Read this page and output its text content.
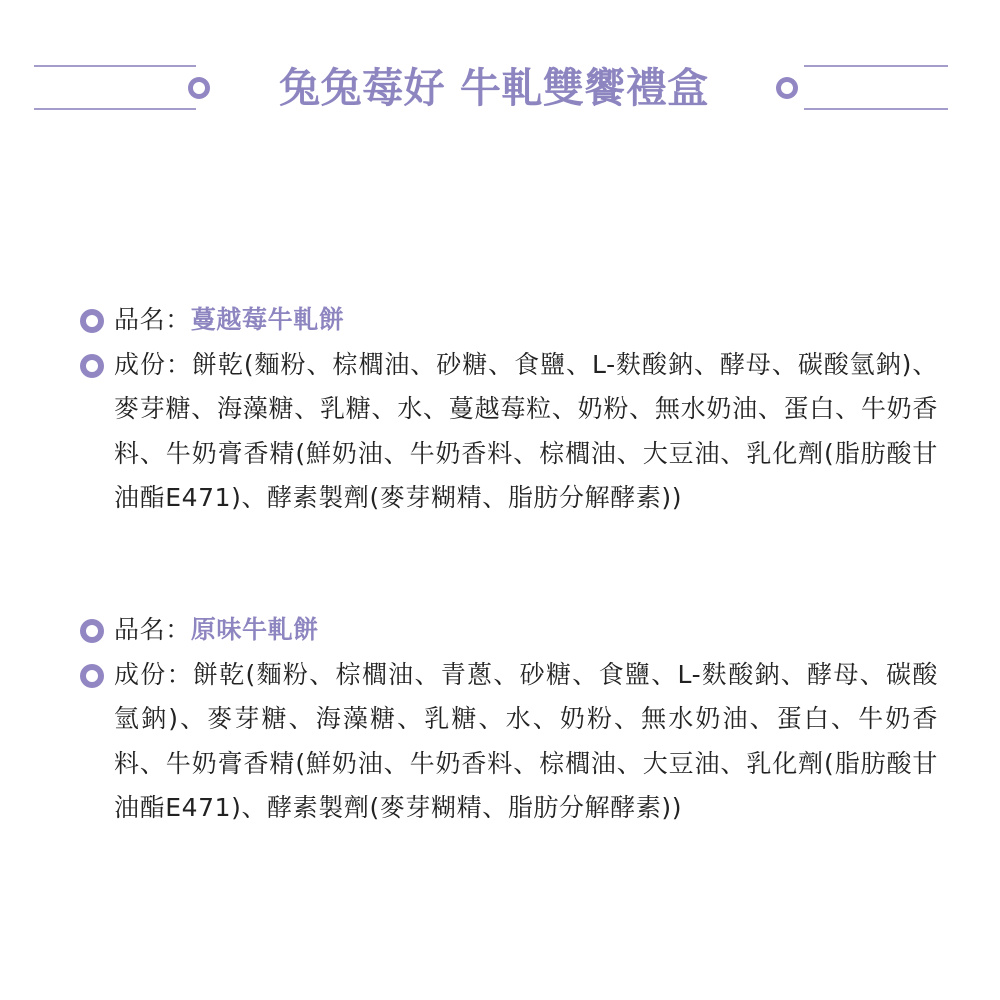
兔兔莓好 牛軋雙饗禮盒
品名：蔓越莓牛軋餅
成份：餅乾(麵粉、棕櫚油、砂糖、食鹽、L-麩酸鈉、酵母、碳酸氫鈉)、麥芽糖、海藻糖、乳糖、水、蔓越莓粒、奶粉、無水奶油、蛋白、牛奶香料、牛奶膏香精(鮮奶油、牛奶香料、棕櫚油、大豆油、乳化劑(脂肪酸甘油酯E471)、酵素製劑(麥芽糊精、脂肪分解酵素))
品名：原味牛軋餅
成份：餅乾(麵粉、棕櫚油、青蔥、砂糖、食鹽、L-麩酸鈉、酵母、碳酸氫鈉)、麥芽糖、海藻糖、乳糖、水、奶粉、無水奶油、蛋白、牛奶香料、牛奶膏香精(鮮奶油、牛奶香料、棕櫚油、大豆油、乳化劑(脂肪酸甘油酯E471)、酵素製劑(麥芽糊精、脂肪分解酵素))
